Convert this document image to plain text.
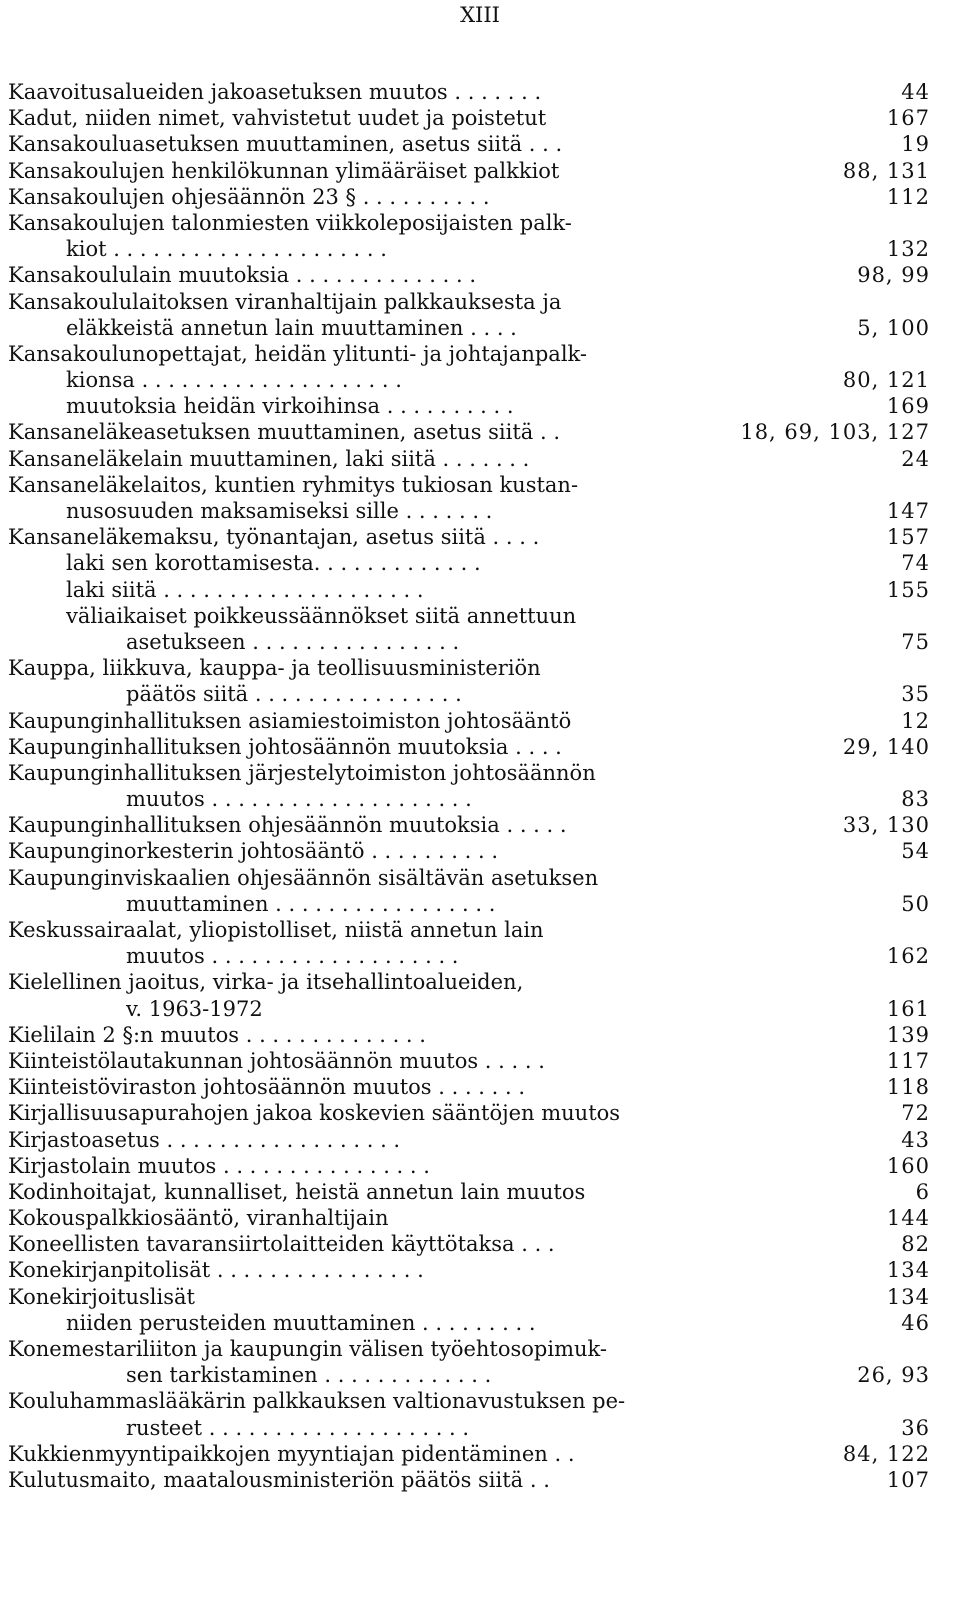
XIII
Kaavoitusalueiden jakoasetuksen muutos . . . . . . .	44
Kadut, niiden nimet, vahvistetut uudet ja poistetut	167
Kansakouluasetuksen muuttaminen, asetus siitä . . .	19
Kansakoulujen henkilökunnan ylimääräiset palkkiot	88, 131
Kansakoulujen ohjesäännön 23 § . . . . . . . . . .	112
Kansakoulujen talonmiesten viikkoleposijaisten palk-
kiot . . . . . . . . . . . . . . . . . . . . .	132
Kansakoululain muutoksia . . . . . . . . . . . . . .	98, 99
Kansakoululaitoksen viranhaltijain palkkauksesta ja
eläkkeistä annetun lain muuttaminen . . . .	5, 100
Kansakoulunopettajat, heidän ylitunti- ja johtajanpalk-
kionsa . . . . . . . . . . . . . . . . . . . .	80, 121
muutoksia heidän virkoihinsa . . . . . . . . . .	169
Kansaneläkeasetuksen muuttaminen, asetus siitä . .	18, 69, 103, 127
Kansaneläkelain muuttaminen, laki siitä . . . . . . .	24
Kansaneläkelaitos, kuntien ryhmitys tukiosan kustan-
nusosuuden maksamiseksi sille . . . . . . .	147
Kansaneläkemaksu, työnantajan, asetus siitä . . . .	157
laki sen korottamisesta. . . . . . . . . . . . .	74
laki siitä . . . . . . . . . . . . . . . . . . . .	155
väliaikaiset poikkeussäännökset siitä annettuun
asetukseen . . . . . . . . . . . . . . . .	75
Kauppa, liikkuva, kauppa- ja teollisuusministeriön
päätös siitä . . . . . . . . . . . . . . . .	35
Kaupunginhallituksen asiamiestoimiston johtosääntö	12
Kaupunginhallituksen johtosäännön muutoksia . . . .	29, 140
Kaupunginhallituksen järjestelytoimiston johtosäännön
muutos . . . . . . . . . . . . . . . . . . . .	83
Kaupunginhallituksen ohjesäännön muutoksia . . . . .	33, 130
Kaupunginorkesterin johtosääntö . . . . . . . . . .	54
Kaupunginviskaalien ohjesäännön sisältävän asetuksen
muuttaminen . . . . . . . . . . . . . . . . .	50
Keskussairaalat, yliopistolliset, niistä annetun lain
muutos . . . . . . . . . . . . . . . . . . .	162
Kielellinen jaoitus, virka- ja itsehallintoalueiden,
v. 1963-1972	161
Kielilain 2 §:n muutos . . . . . . . . . . . . . .	139
Kiinteistölautakunnan johtosäännön muutos . . . . .	117
Kiinteistöviraston johtosäännön muutos . . . . . . .	118
Kirjallisuusapurahojen jakoa koskevien sääntöjen muutos	72
Kirjastoasetus . . . . . . . . . . . . . . . . . .	43
Kirjastolain muutos . . . . . . . . . . . . . . . .	160
Kodinhoitajat, kunnalliset, heistä annetun lain muutos	6
Kokouspalkkiosääntö, viranhaltijain	144
Koneellisten tavaransiirtolaitteiden käyttötaksa . . .	82
Konekirjanpitolisät . . . . . . . . . . . . . . . .	134
Konekirjoituslisät	134
niiden perusteiden muuttaminen . . . . . . . . .	46
Konemestariliiton ja kaupungin välisen työehtosopimuk-
sen tarkistaminen . . . . . . . . . . . . .	26, 93
Kouluhammaslääkärin palkkauksen valtionavustuksen pe-
rusteet . . . . . . . . . . . . . . . . . . . .	36
Kukkienmyyntipaikkojen myyntiajan pidentäminen . .	84, 122
Kulutusmaito, maatalousministeriön päätös siitä . .	107
